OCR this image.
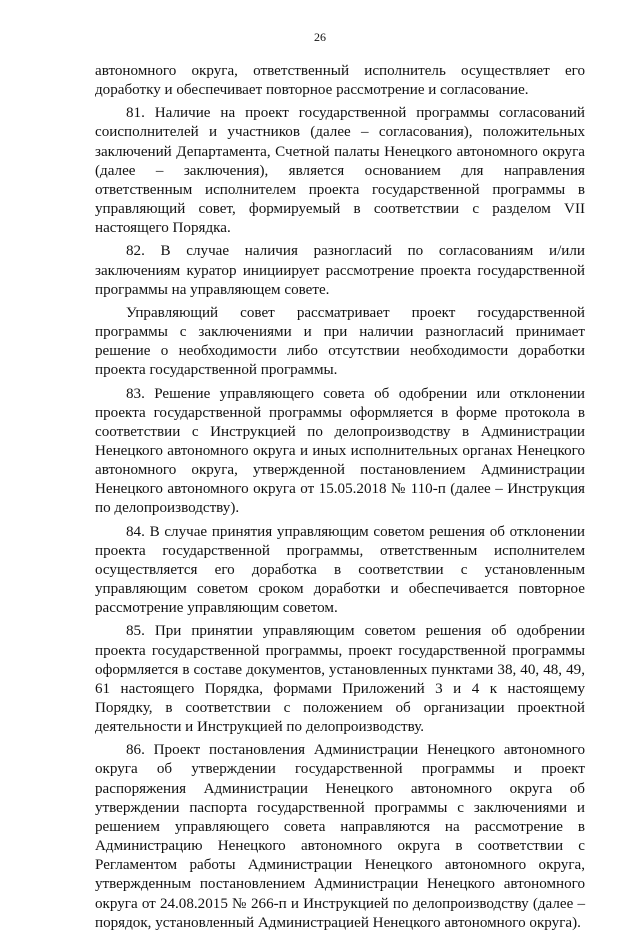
26

автономного округа, ответственный исполнитель осуществляет его доработку и обеспечивает повторное рассмотрение и согласование.

81. Наличие на проект государственной программы согласований соисполнителей и участников (далее – согласования), положительных заключений Департамента, Счетной палаты Ненецкого автономного округа (далее – заключения), является основанием для направления ответственным исполнителем проекта государственной программы в управляющий совет, формируемый в соответствии с разделом VII настоящего Порядка.

82. В случае наличия разногласий по согласованиям и/или заключениям куратор инициирует рассмотрение проекта государственной программы на управляющем совете.

Управляющий совет рассматривает проект государственной программы с заключениями и при наличии разногласий принимает решение о необходимости либо отсутствии необходимости доработки проекта государственной программы.

83. Решение управляющего совета об одобрении или отклонении проекта государственной программы оформляется в форме протокола в соответствии с Инструкцией по делопроизводству в Администрации Ненецкого автономного округа и иных исполнительных органах Ненецкого автономного округа, утвержденной постановлением Администрации Ненецкого автономного округа от 15.05.2018 № 110-п (далее – Инструкция по делопроизводству).

84. В случае принятия управляющим советом решения об отклонении проекта государственной программы, ответственным исполнителем осуществляется его доработка в соответствии с установленным управляющим советом сроком доработки и обеспечивается повторное рассмотрение управляющим советом.

85. При принятии управляющим советом решения об одобрении проекта государственной программы, проект государственной программы оформляется в составе документов, установленных пунктами 38, 40, 48, 49, 61 настоящего Порядка, формами Приложений 3 и 4 к настоящему Порядку, в соответствии с положением об организации проектной деятельности и Инструкцией по делопроизводству.

86. Проект постановления Администрации Ненецкого автономного округа об утверждении государственной программы и проект распоряжения Администрации Ненецкого автономного округа об утверждении паспорта государственной программы с заключениями и решением управляющего совета направляются на рассмотрение в Администрацию Ненецкого автономного округа в соответствии с Регламентом работы Администрации Ненецкого автономного округа, утвержденным постановлением Администрации Ненецкого автономного округа от 24.08.2015 № 266-п и Инструкцией по делопроизводству (далее – порядок, установленный Администрацией Ненецкого автономного округа).
